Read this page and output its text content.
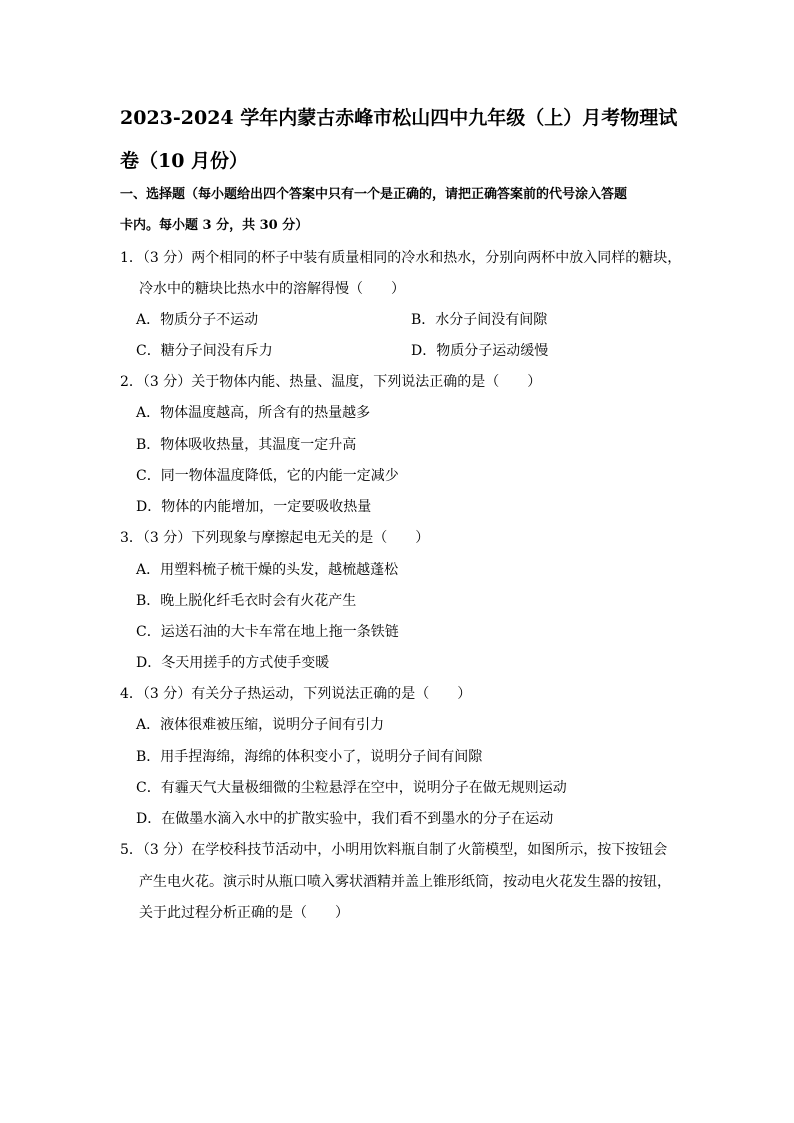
2023-2024 学年内蒙古赤峰市松山四中九年级（上）月考物理试
卷（10 月份）
一、选择题（每小题给出四个答案中只有一个是正确的，请把正确答案前的代号涂入答题
卡内。每小题 3 分，共 30 分）
1．（3 分）两个相同的杯子中装有质量相同的冷水和热水，分别向两杯中放入同样的糖块，
冷水中的糖块比热水中的溶解得慢（　　）
A．物质分子不运动	B．水分子间没有间隙
C．糖分子间没有斥力	D．物质分子运动缓慢
2．（3 分）关于物体内能、热量、温度，下列说法正确的是（　　）
A．物体温度越高，所含有的热量越多
B．物体吸收热量，其温度一定升高
C．同一物体温度降低，它的内能一定减少
D．物体的内能增加，一定要吸收热量
3．（3 分）下列现象与摩擦起电无关的是（　　）
A．用塑料梳子梳干燥的头发，越梳越蓬松
B．晚上脱化纤毛衣时会有火花产生
C．运送石油的大卡车常在地上拖一条铁链
D．冬天用搓手的方式使手变暖
4．（3 分）有关分子热运动，下列说法正确的是（　　）
A．液体很难被压缩，说明分子间有引力
B．用手捏海绵，海绵的体积变小了，说明分子间有间隙
C．有霾天气大量极细微的尘粒悬浮在空中，说明分子在做无规则运动
D．在做墨水滴入水中的扩散实验中，我们看不到墨水的分子在运动
5．（3 分）在学校科技节活动中，小明用饮料瓶自制了火箭模型，如图所示，按下按钮会
产生电火花。演示时从瓶口喷入雾状酒精并盖上锥形纸筒，按动电火花发生器的按钮，
关于此过程分析正确的是（　　）
